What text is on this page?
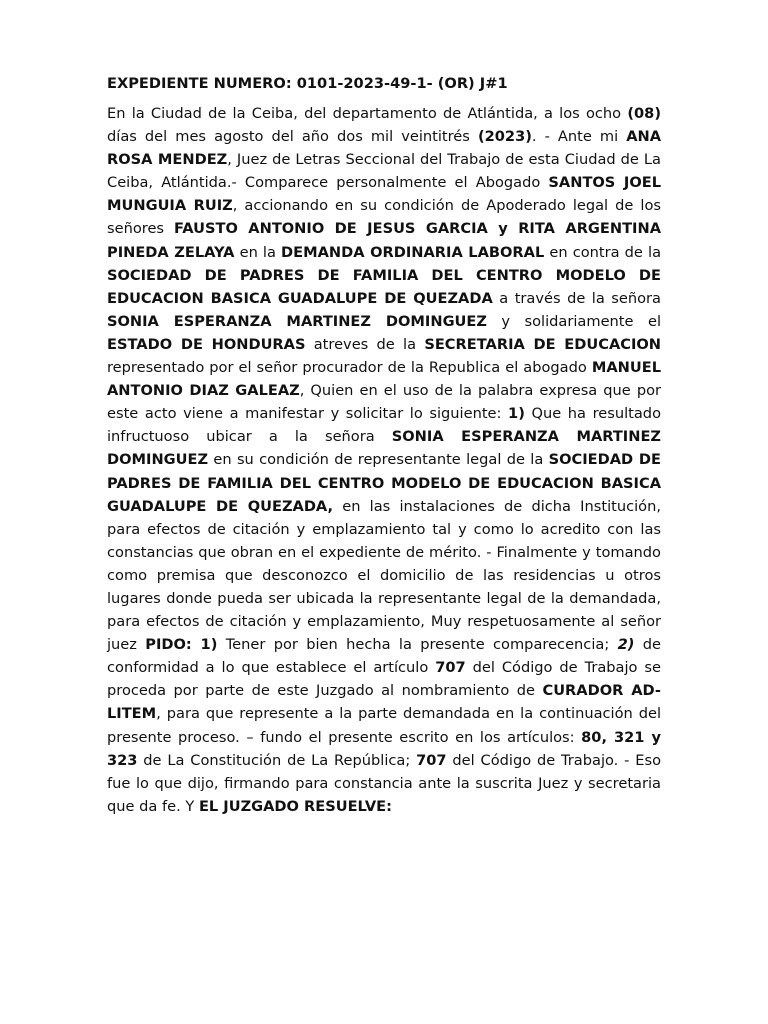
EXPEDIENTE NUMERO: 0101-2023-49-1- (OR) J#1

En la Ciudad de la Ceiba, del departamento de Atlántida, a los ocho (08) días del mes agosto del año dos mil veintitrés (2023). - Ante mi ANA ROSA MENDEZ, Juez de Letras Seccional del Trabajo de esta Ciudad de La Ceiba, Atlántida.- Comparece personalmente el Abogado SANTOS JOEL MUNGUIA RUIZ, accionando en su condición de Apoderado legal de los señores FAUSTO ANTONIO DE JESUS GARCIA y RITA ARGENTINA PINEDA ZELAYA en la DEMANDA ORDINARIA LABORAL en contra de la SOCIEDAD DE PADRES DE FAMILIA DEL CENTRO MODELO DE EDUCACION BASICA GUADALUPE DE QUEZADA a través de la señora SONIA ESPERANZA MARTINEZ DOMINGUEZ y solidariamente el ESTADO DE HONDURAS atreves de la SECRETARIA DE EDUCACION representado por el señor procurador de la Republica el abogado MANUEL ANTONIO DIAZ GALEAZ, Quien en el uso de la palabra expresa que por este acto viene a manifestar y solicitar lo siguiente: 1) Que ha resultado infructuoso ubicar a la señora SONIA ESPERANZA MARTINEZ DOMINGUEZ en su condición de representante legal de la SOCIEDAD DE PADRES DE FAMILIA DEL CENTRO MODELO DE EDUCACION BASICA GUADALUPE DE QUEZADA, en las instalaciones de dicha Institución, para efectos de citación y emplazamiento tal y como lo acredito con las constancias que obran en el expediente de mérito. - Finalmente y tomando como premisa que desconozco el domicilio de las residencias u otros lugares donde pueda ser ubicada la representante legal de la demandada, para efectos de citación y emplazamiento, Muy respetuosamente al señor juez PIDO: 1) Tener por bien hecha la presente comparecencia; 2) de conformidad a lo que establece el artículo 707 del Código de Trabajo se proceda por parte de este Juzgado al nombramiento de CURADOR AD-LITEM, para que represente a la parte demandada en la continuación del presente proceso. – fundo el presente escrito en los artículos: 80, 321 y 323 de La Constitución de La República; 707 del Código de Trabajo. - Eso fue lo que dijo, firmando para constancia ante la suscrita Juez y secretaria que da fe. Y EL JUZGADO RESUELVE:
